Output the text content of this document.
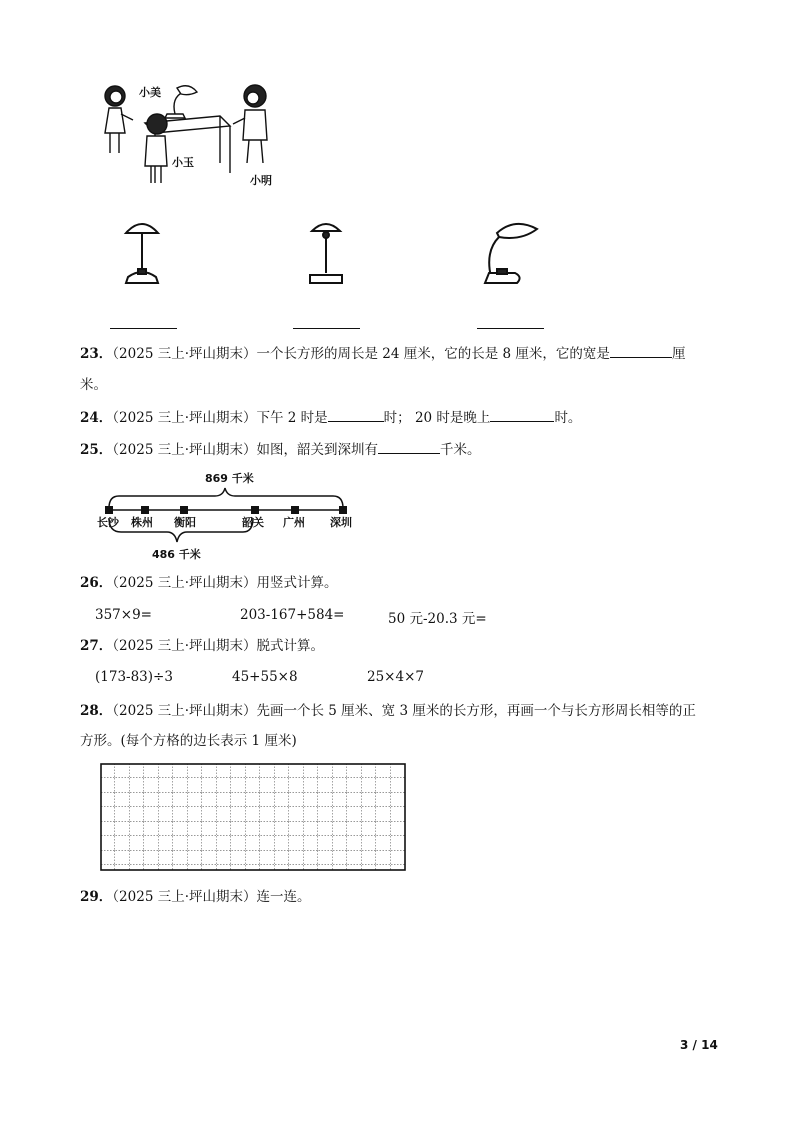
小美
小玉
小明
23．（2025 三上·坪山期末）一个长方形的周长是 24 厘米，它的长是 8 厘米，它的宽是	厘
米。
24．（2025 三上·坪山期末）下午 2 时是	时； 20 时是晚上	时。
25．（2025 三上·坪山期末）如图，韶关到深圳有	千米。
869 千米
486 千米
长沙 株州 衡阳	韶关 广州 深圳
26．（2025 三上·坪山期末）用竖式计算。
357×9=	203-167+584=	50 元-20.3 元=
27．（2025 三上·坪山期末）脱式计算。
(173-83)÷3	45+55×8	25×4×7
28．（2025 三上·坪山期末）先画一个长 5 厘米、宽 3 厘米的长方形，再画一个与长方形周长相等的正
方形。(每个方格的边长表示 1 厘米)
29．（2025 三上·坪山期末）连一连。
3 / 14
